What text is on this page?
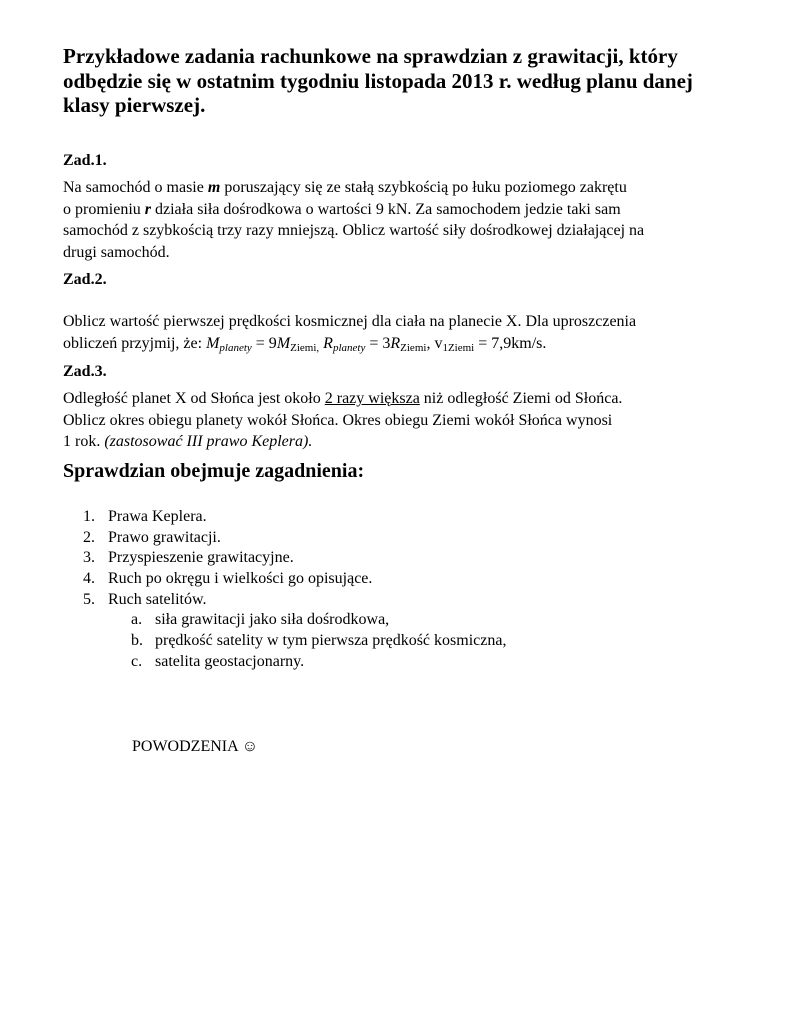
Przykładowe zadania rachunkowe na sprawdzian z grawitacji, który odbędzie się w ostatnim tygodniu listopada 2013 r. według planu danej klasy pierwszej.

Zad.1.

Na samochód o masie m poruszający się ze stałą szybkością po łuku poziomego zakrętu
o promieniu r działa siła dośrodkowa o wartości 9 kN. Za samochodem jedzie taki sam
samochód z szybkością trzy razy mniejszą. Oblicz wartość siły dośrodkowej działającej na
drugi samochód.

Zad.2.

Oblicz wartość pierwszej prędkości kosmicznej dla ciała na planecie X. Dla uproszczenia
obliczeń przyjmij, że: $M_{planety} = 9M_{Ziemi,}$ $R_{planety} = 3R_{Ziemi}$, $v_{1Ziemi} = 7,9km/s$.

Zad.3.

Odległość planet X od Słońca jest około 2 razy większa niż odległość Ziemi od Słońca.
Oblicz okres obiegu planety wokół Słońca. Okres obiegu Ziemi wokół Słońca wynosi
1 rok. (zastosować III prawo Keplera).

Sprawdzian obejmuje zagadnienia:
1. Prawa Keplera.
2. Prawo grawitacji.
3. Przyspieszenie grawitacyjne.
4. Ruch po okręgu i wielkości go opisujące.
5. Ruch satelitów.
a. siła grawitacji jako siła dośrodkowa,
b. prędkość satelity w tym pierwsza prędkość kosmiczna,
c. satelita geostacjonarny.
POWODZENIA ☺
